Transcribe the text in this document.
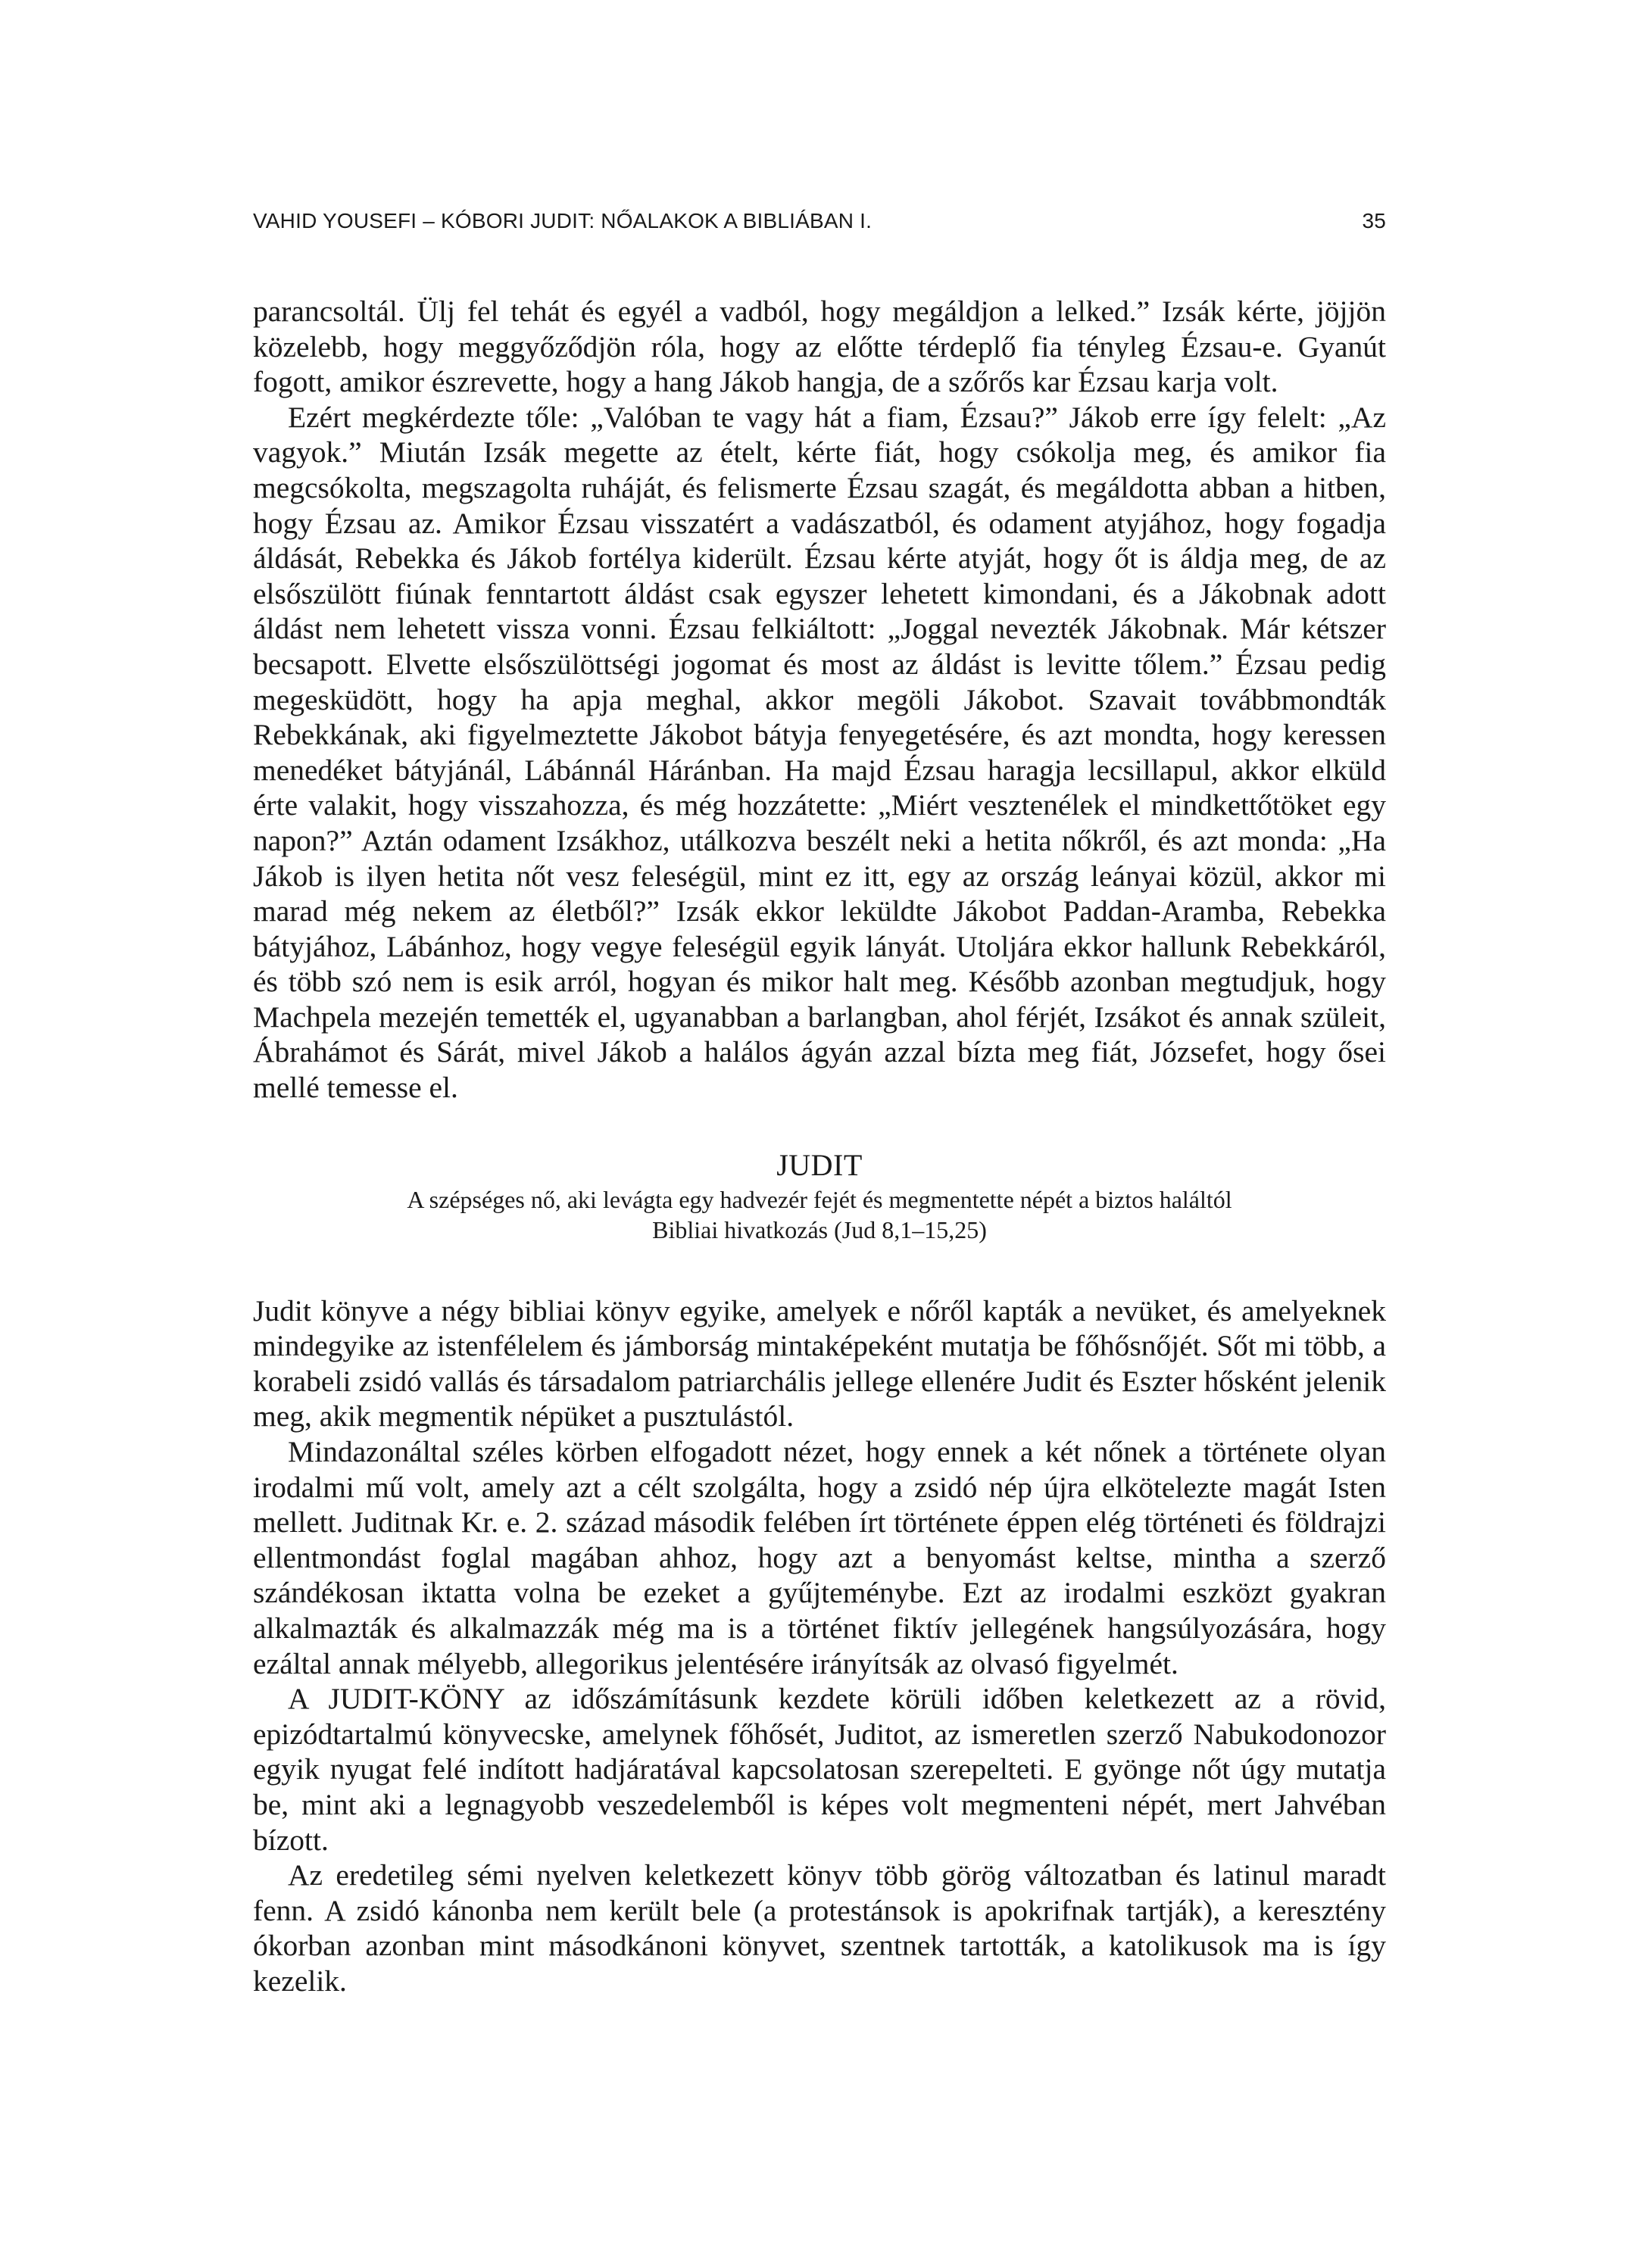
VAHID YOUSEFI – KÓBORI JUDIT: NŐALAKOK A BIBLIÁBAN I.	35

parancsoltál. Ülj fel tehát és egyél a vadból, hogy megáldjon a lelked.” Izsák kérte, jöjjön közelebb, hogy meggyőződjön róla, hogy az előtte térdeplő fia tényleg Ézsau-e. Gyanút fogott, amikor észrevette, hogy a hang Jákob hangja, de a szőrős kar Ézsau karja volt.

Ezért megkérdezte tőle: „Valóban te vagy hát a fiam, Ézsau?” Jákob erre így felelt: „Az vagyok.” Miután Izsák megette az ételt, kérte fiát, hogy csókolja meg, és amikor fia megcsókolta, megszagolta ruháját, és felismerte Ézsau szagát, és megáldotta abban a hitben, hogy Ézsau az. Amikor Ézsau visszatért a vadászatból, és odament atyjához, hogy fogadja áldását, Rebekka és Jákob fortélya kiderült. Ézsau kérte atyját, hogy őt is áldja meg, de az elsőszülött fiúnak fenntartott áldást csak egyszer lehetett kimondani, és a Jákobnak adott áldást nem lehetett vissza vonni. Ézsau felkiáltott: „Joggal nevezték Jákobnak. Már kétszer becsapott. Elvette elsőszülöttségi jogomat és most az áldást is levitte tőlem.” Ézsau pedig megesküdött, hogy ha apja meghal, akkor megöli Jákobot. Szavait továbbmondták Rebekkának, aki figyelmeztette Jákobot bátyja fenyegetésére, és azt mondta, hogy keressen menedéket bátyjánál, Lábánnál Háránban. Ha majd Ézsau haragja lecsillapul, akkor elküld érte valakit, hogy visszahozza, és még hozzátette: „Miért vesztenélek el mindkettőtöket egy napon?” Aztán odament Izsákhoz, utálkozva beszélt neki a hetita nőkről, és azt monda: „Ha Jákob is ilyen hetita nőt vesz feleségül, mint ez itt, egy az ország leányai közül, akkor mi marad még nekem az életből?” Izsák ekkor leküldte Jákobot Paddan-Aramba, Rebekka bátyjához, Lábánhoz, hogy vegye feleségül egyik lányát. Utoljára ekkor hallunk Rebekkáról, és több szó nem is esik arról, hogyan és mikor halt meg. Később azonban megtudjuk, hogy Machpela mezején temették el, ugyanabban a barlangban, ahol férjét, Izsákot és annak szüleit, Ábrahámot és Sárát, mivel Jákob a halálos ágyán azzal bízta meg fiát, Józsefet, hogy ősei mellé temesse el.

JUDIT
A szépséges nő, aki levágta egy hadvezér fejét és megmentette népét a biztos haláltól
Bibliai hivatkozás (Jud 8,1–15,25)

Judit könyve a négy bibliai könyv egyike, amelyek e nőről kapták a nevüket, és amelyeknek mindegyike az istenfélelem és jámborság mintaképeként mutatja be főhősnőjét. Sőt mi több, a korabeli zsidó vallás és társadalom patriarchális jellege ellenére Judit és Eszter hősként jelenik meg, akik megmentik népüket a pusztulástól.

Mindazonáltal széles körben elfogadott nézet, hogy ennek a két nőnek a története olyan irodalmi mű volt, amely azt a célt szolgálta, hogy a zsidó nép újra elkötelezte magát Isten mellett. Juditnak Kr. e. 2. század második felében írt története éppen elég történeti és földrajzi ellentmondást foglal magában ahhoz, hogy azt a benyomást keltse, mintha a szerző szándékosan iktatta volna be ezeket a gyűjteménybe. Ezt az irodalmi eszközt gyakran alkalmazták és alkalmazzák még ma is a történet fiktív jellegének hangsúlyozására, hogy ezáltal annak mélyebb, allegorikus jelentésére irányítsák az olvasó figyelmét.

A JUDIT-KÖNY az időszámításunk kezdete körüli időben keletkezett az a rövid, epizódtartalmú könyvecske, amelynek főhősét, Juditot, az ismeretlen szerző Nabukodonozor egyik nyugat felé indított hadjáratával kapcsolatosan szerepelteti. E gyönge nőt úgy mutatja be, mint aki a legnagyobb veszedelemből is képes volt megmenteni népét, mert Jahvéban bízott.

Az eredetileg sémi nyelven keletkezett könyv több görög változatban és latinul maradt fenn. A zsidó kánonba nem került bele (a protestánsok is apokrifnak tartják), a keresztény ókorban azonban mint másodkánoni könyvet, szentnek tartották, a katolikusok ma is így kezelik.
